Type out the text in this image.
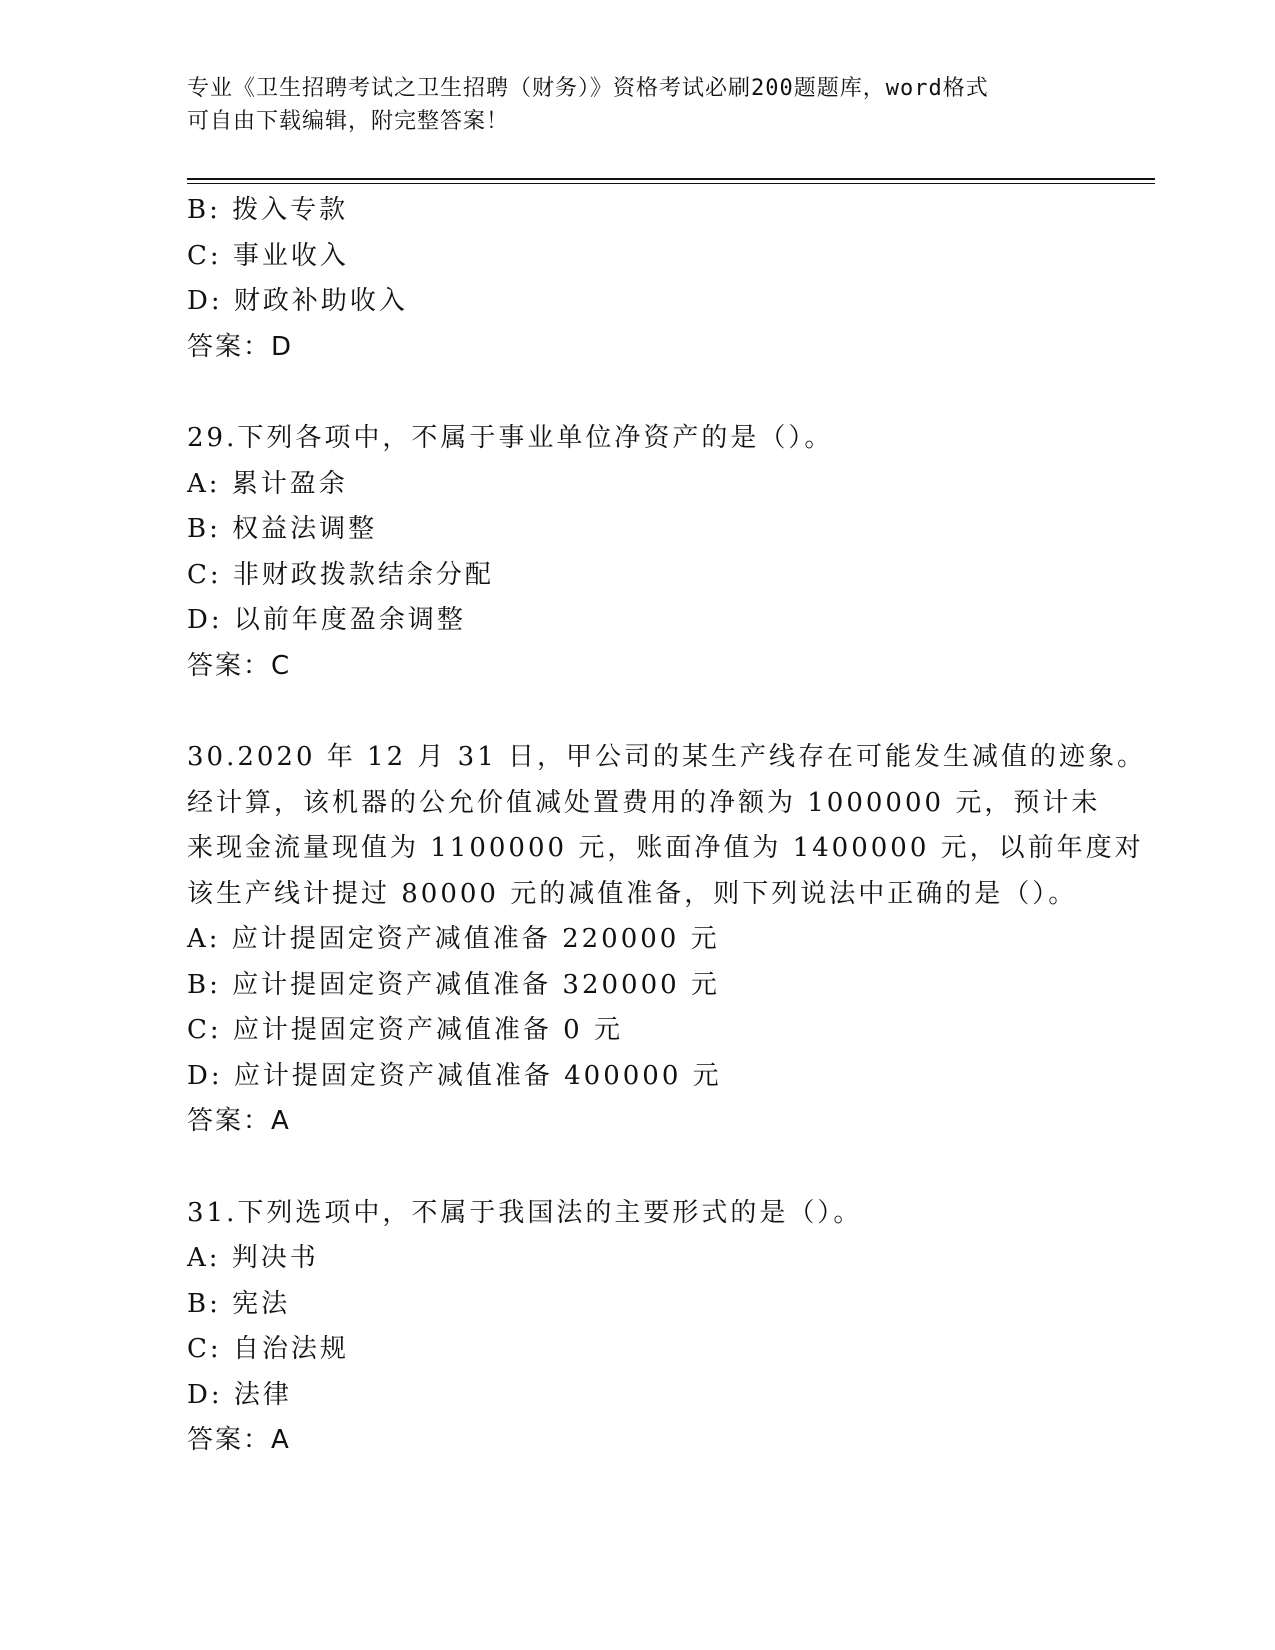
专业《卫生招聘考试之卫生招聘（财务）》资格考试必刷200题题库，word格式
可自由下载编辑，附完整答案！
B: 拨入专款
C: 事业收入
D: 财政补助收入
答案：D
29.下列各项中，不属于事业单位净资产的是（）。
A: 累计盈余
B: 权益法调整
C: 非财政拨款结余分配
D: 以前年度盈余调整
答案：C
30.2020 年 12 月 31 日，甲公司的某生产线存在可能发生减值的迹象。
经计算，该机器的公允价值减处置费用的净额为 1000000 元，预计未
来现金流量现值为 1100000 元，账面净值为 1400000 元，以前年度对
该生产线计提过 80000 元的减值准备，则下列说法中正确的是（）。
A: 应计提固定资产减值准备 220000 元
B: 应计提固定资产减值准备 320000 元
C: 应计提固定资产减值准备 0 元
D: 应计提固定资产减值准备 400000 元
答案：A
31.下列选项中，不属于我国法的主要形式的是（）。
A: 判决书
B: 宪法
C: 自治法规
D: 法律
答案：A
